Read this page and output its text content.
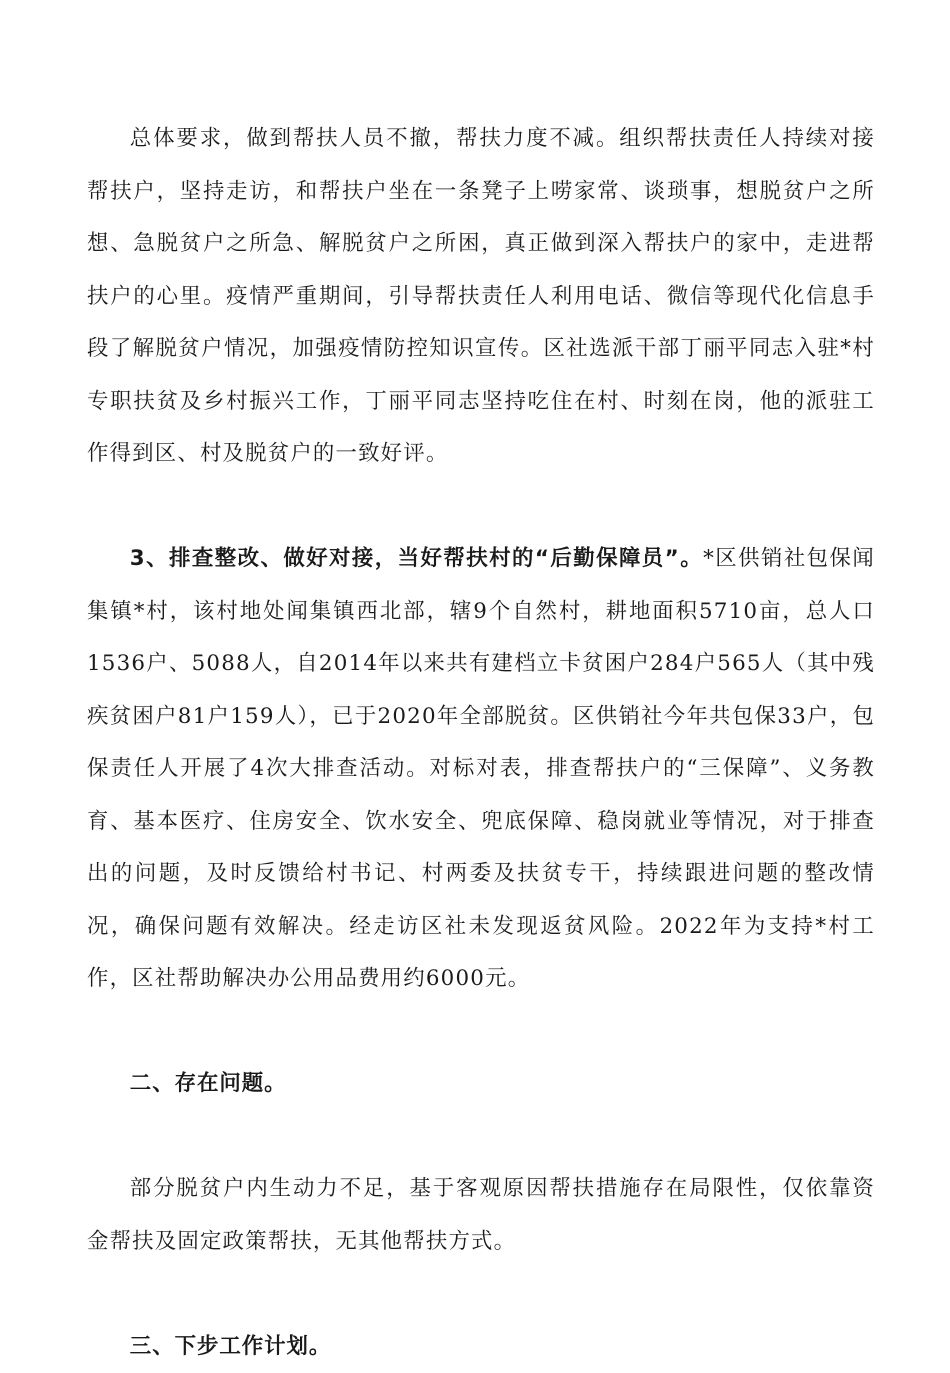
总体要求，做到帮扶人员不撤，帮扶力度不减。组织帮扶责任人持续对接帮扶户，坚持走访，和帮扶户坐在一条凳子上唠家常、谈琐事，想脱贫户之所想、急脱贫户之所急、解脱贫户之所困，真正做到深入帮扶户的家中，走进帮扶户的心里。疫情严重期间，引导帮扶责任人利用电话、微信等现代化信息手段了解脱贫户情况，加强疫情防控知识宣传。区社选派干部丁丽平同志入驻*村专职扶贫及乡村振兴工作，丁丽平同志坚持吃住在村、时刻在岗，他的派驻工作得到区、村及脱贫户的一致好评。

3、排查整改、做好对接，当好帮扶村的“后勤保障员”。*区供销社包保闻集镇*村，该村地处闻集镇西北部，辖9个自然村，耕地面积5710亩，总人口1536户、5088人，自2014年以来共有建档立卡贫困户284户565人（其中残疾贫困户81户159人），已于2020年全部脱贫。区供销社今年共包保33户，包保责任人开展了4次大排查活动。对标对表，排查帮扶户的“三保障”、义务教育、基本医疗、住房安全、饮水安全、兜底保障、稳岗就业等情况，对于排查出的问题，及时反馈给村书记、村两委及扶贫专干，持续跟进问题的整改情况，确保问题有效解决。经走访区社未发现返贫风险。2022年为支持*村工作，区社帮助解决办公用品费用约6000元。

二、存在问题。

部分脱贫户内生动力不足，基于客观原因帮扶措施存在局限性，仅依靠资金帮扶及固定政策帮扶，无其他帮扶方式。

三、下步工作计划。
